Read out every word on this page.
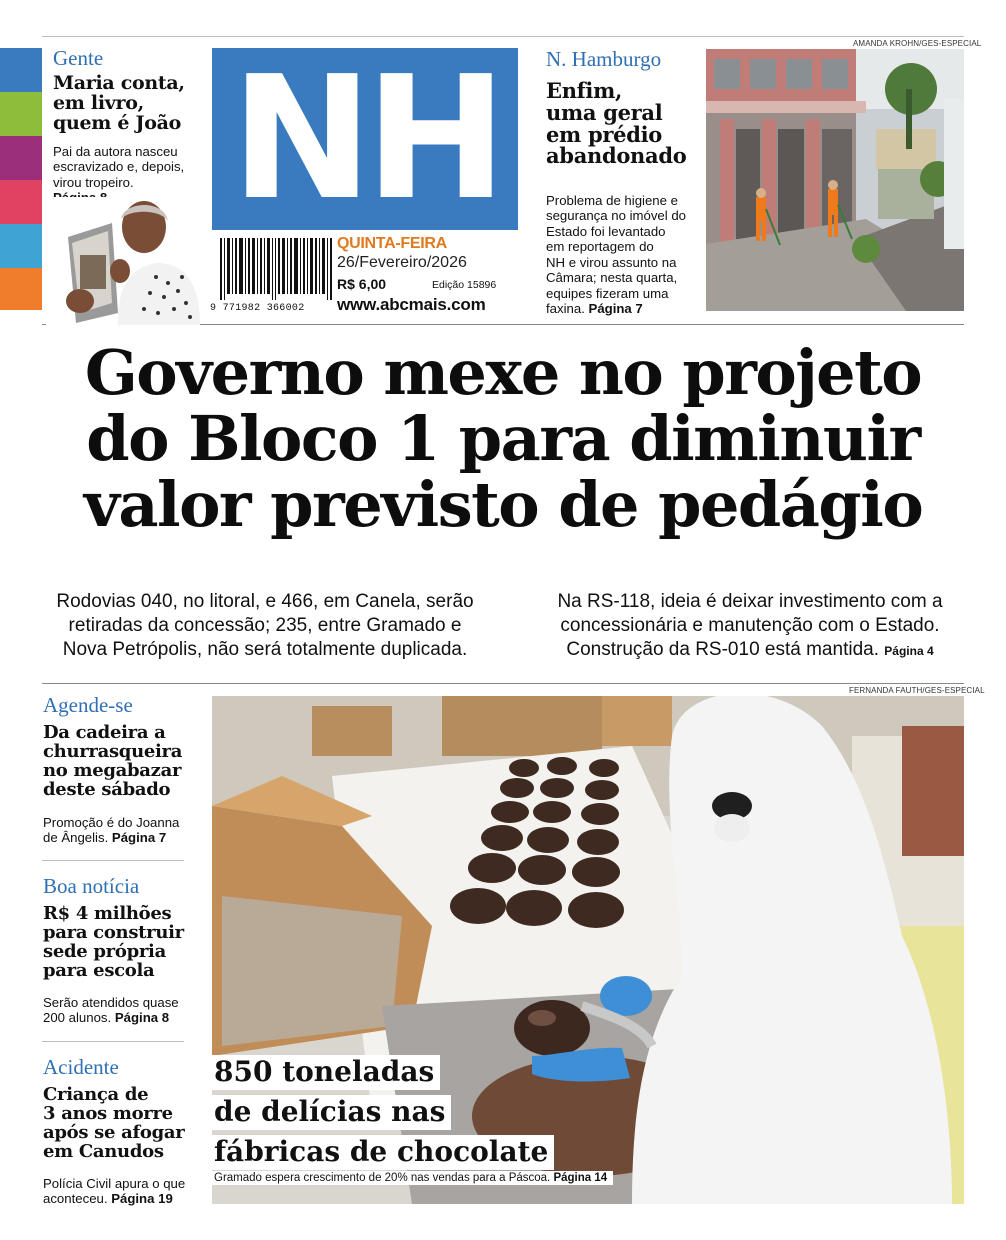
Gente
Maria conta,
em livro,
quem é João
Pai da autora nasceu
escravizado e, depois,
virou tropeiro. NH
9 771982 366002
QUINTA-FEIRA
26/Fevereiro/2026
R$ 6,00	Edição 15896
www.abcmais.com
N. Hamburgo
Enfim,
uma geral
em prédio
abandonado
Problema de higiene e
segurança no imóvel do
Estado foi levantado
em reportagem do
NH e virou assunto na
Câmara; nesta quarta,
equipes fizeram uma
faxina. Página 7
AMANDA KROHN/GES-ESPECIAL
Governo mexe no projeto
do Bloco 1 para diminuir
valor previsto de pedágio
Rodovias 040, no litoral, e 466, em Canela, serão
retiradas da concessão; 235, entre Gramado e
Nova Petrópolis, não será totalmente duplicada.
Na RS-118, ideia é deixar investimento com a
concessionária e manutenção com o Estado.
Construção da RS-010 está mantida. Página 4
Agende-se
Da cadeira a
churrasqueira
no megabazar
deste sábado
Promoção é do Joanna
de Ângelis. Página 7
Boa notícia
R$ 4 milhões
para construir
sede própria
para escola
Serão atendidos quase
200 alunos. Página 8
Acidente
Criança de
3 anos morre
após se afogar
em Canudos
Polícia Civil apura o que
aconteceu. Página 19
FERNANDA FAUTH/GES-ESPECIAL
850 toneladas
de delícias nas
fábricas de chocolate
Gramado espera crescimento de 20% nas vendas para a Páscoa. Página 14
